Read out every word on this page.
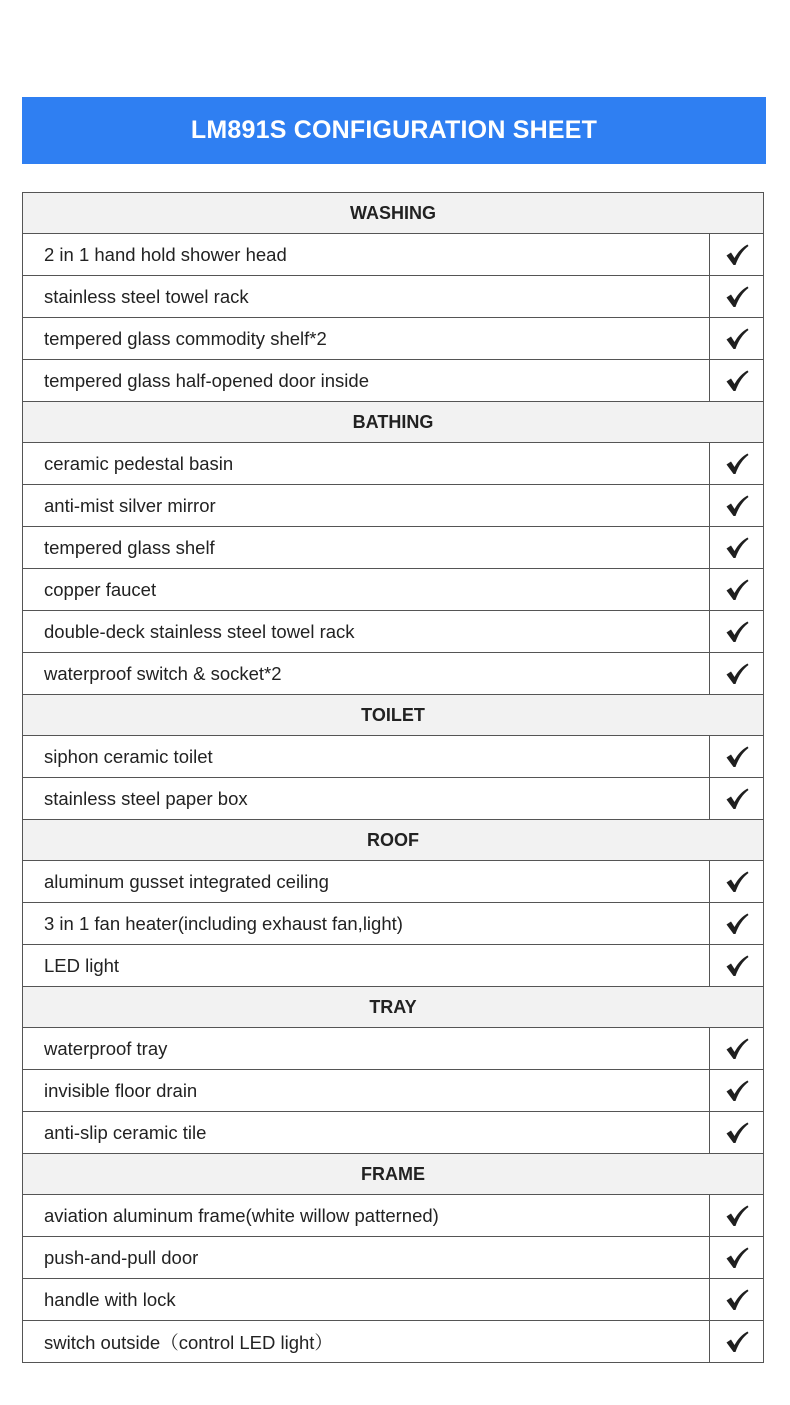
LM891S CONFIGURATION SHEET
WASHING
2 in 1 hand hold shower head
stainless steel towel rack
tempered glass commodity shelf*2
tempered glass half-opened door inside
BATHING
ceramic pedestal basin
anti-mist silver mirror
tempered glass shelf
copper faucet
double-deck stainless steel towel rack
waterproof switch & socket*2
TOILET
siphon ceramic toilet
stainless steel paper box
ROOF
aluminum gusset integrated ceiling
3 in 1 fan heater(including exhaust fan,light)
LED light
TRAY
waterproof tray
invisible floor drain
anti-slip ceramic tile
FRAME
aviation aluminum frame(white willow patterned)
push-and-pull door
handle with lock
switch outside（control LED light）
